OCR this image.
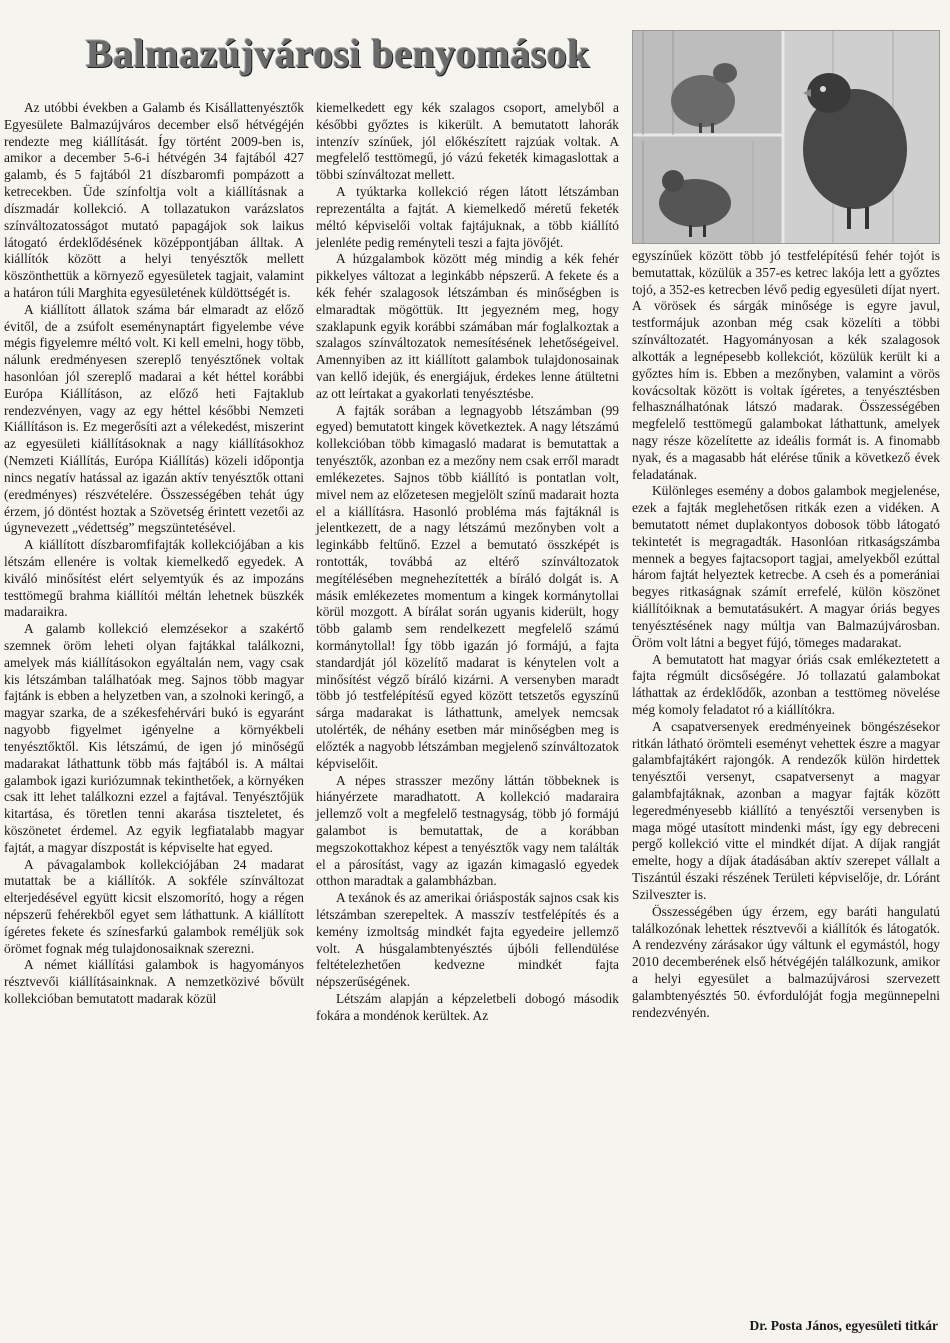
Balmazújvárosi benyomások

Az utóbbi években a Galamb és Kisállattenyésztők Egyesülete Balmazújváros december első hétvégéjén rendezte meg kiállítását. Így történt 2009-ben is, amikor a december 5-6-i hétvégén 34 fajtából 427 galamb, és 5 fajtából 21 díszbaromfi pompázott a ketrecekben. Üde színfoltja volt a kiállításnak a díszmadár kollekció. A tollazatukon varázslatos színváltozatosságot mutató papagájok sok laikus látogató érdeklődésének középpontjában álltak. A kiállítók között a helyi tenyésztők mellett köszönthettük a környező egyesületek tagjait, valamint a határon túli Marghita egyesületének küldöttségét is.

A kiállított állatok száma bár elmaradt az előző évitől, de a zsúfolt eseménynaptárt figyelembe véve mégis figyelemre méltó volt. Ki kell emelni, hogy több, nálunk eredményesen szereplő tenyésztőnek voltak hasonlóan jól szereplő madarai a két héttel korábbi Európa Kiállításon, az előző heti Fajtaklub rendezvényen, vagy az egy héttel későbbi Nemzeti Kiállításon is. Ez megerősíti azt a vélekedést, miszerint az egyesületi kiállításoknak a nagy kiállításokhoz (Nemzeti Kiállítás, Európa Kiállítás) közeli időpontja nincs negatív hatással az igazán aktív tenyésztők ottani (eredményes) részvételére. Összességében tehát úgy érzem, jó döntést hoztak a Szövetség érintett vezetői az úgynevezett „védettség” megszüntetésével.

A kiállított díszbaromfifajták kollekciójában a kis létszám ellenére is voltak kiemelkedő egyedek. A kiváló minősítést elért selyemtyúk és az impozáns testtömegű brahma kiállítói méltán lehetnek büszkék madaraikra.

A galamb kollekció elemzésekor a szakértő szemnek öröm leheti olyan fajtákkal találkozni, amelyek más kiállításokon egyáltalán nem, vagy csak kis létszámban találhatóak meg. Sajnos több magyar fajtánk is ebben a helyzetben van, a szolnoki keringő, a magyar szarka, de a székesfehérvári bukó is egyaránt nagyobb figyelmet igényelne a környékbeli tenyésztőktől. Kis létszámú, de igen jó minőségű madarakat láthattunk több más fajtából is. A máltai galambok igazi kuriózumnak tekinthetőek, a környéken csak itt lehet találkozni ezzel a fajtával. Tenyésztőjük kitartása, és töretlen tenni akarása tiszteletet, és köszönetet érdemel. Az egyik legfiatalabb magyar fajtát, a magyar díszpostát is képviselte hat egyed.

A pávagalambok kollekciójában 24 madarat mutattak be a kiállítók. A sokféle színváltozat elterjedésével együtt kicsit elszomorító, hogy a régen népszerű fehérekből egyet sem láthattunk. A kiállított ígéretes fekete és színesfarkú galambok reméljük sok örömet fognak még tulajdonosaiknak szerezni.

A német kiállítási galambok is hagyományos résztvevői kiállításainknak. A nemzetközivé bővült kollekcióban bemutatott madarak közül

kiemelkedett egy kék szalagos csoport, amelyből a későbbi győztes is kikerült. A bemutatott lahorák intenzív színűek, jól előkészített rajzúak voltak. A megfelelő testtömegű, jó vázú feketék kimagaslottak a többi színváltozat mellett.

A tyúktarka kollekció régen látott létszámban reprezentálta a fajtát. A kiemelkedő méretű feketék méltó képviselői voltak fajtájuknak, a több kiállító jelenléte pedig reményteli teszi a fajta jövőjét.

A húzgalambok között még mindig a kék fehér pikkelyes változat a leginkább népszerű. A fekete és a kék fehér szalagosok létszámban és minőségben is elmaradtak mögöttük. Itt jegyezném meg, hogy szaklapunk egyik korábbi számában már foglalkoztak a szalagos színváltozatok nemesítésének lehetőségeivel. Amennyiben az itt kiállított galambok tulajdonosainak van kellő idejük, és energiájuk, érdekes lenne átültetni az ott leírtakat a gyakorlati tenyésztésbe.

A fajták sorában a legnagyobb létszámban (99 egyed) bemutatott kingek következtek. A nagy létszámú kollekcióban több kimagasló madarat is bemutattak a tenyésztők, azonban ez a mezőny nem csak erről maradt emlékezetes. Sajnos több kiállító is pontatlan volt, mivel nem az előzetesen megjelölt színű madarait hozta el a kiállításra. Hasonló probléma más fajtáknál is jelentkezett, de a nagy létszámú mezőnyben volt a leginkább feltűnő. Ezzel a bemutató összképét is rontották, továbbá az eltérő színváltozatok megítélésében megnehezítették a bíráló dolgát is. A másik emlékezetes momentum a kingek kormánytollai körül mozgott. A bírálat során ugyanis kiderült, hogy több galamb sem rendelkezett megfelelő számú kormánytollal! Így több igazán jó formájú, a fajta standardját jól közelítő madarat is kénytelen volt a minősítést végző bíráló kizárni. A versenyben maradt több jó testfelépítésű egyed között tetszetős egyszínű sárga madarakat is láthattunk, amelyek nemcsak utolérték, de néhány esetben már minőségben meg is előzték a nagyobb létszámban megjelenő színváltozatok képviselőit.

A népes strasszer mezőny láttán többeknek is hiányérzete maradhatott. A kollekció madaraira jellemző volt a megfelelő testnagyság, több jó formájú galambot is bemutattak, de a korábban megszokottakhoz képest a tenyésztők vagy nem találták el a párosítást, vagy az igazán kimagasló egyedek otthon maradtak a galambházban.

A texánok és az amerikai óriásposták sajnos csak kis létszámban szerepeltek. A masszív testfelépítés és a kemény izmoltság mindkét fajta egyedeire jellemző volt. A húsgalambtenyésztés újbóli fellendülése feltételezhetően kedvezne mindkét fajta népszerűségének.

Létszám alapján a képzeletbeli dobogó második fokára a mondénok kerültek. Az

egyszínűek között több jó testfelépítésű fehér tojót is bemutattak, közülük a 357-es ketrec lakója lett a győztes tojó, a 352-es ketrecben lévő pedig egyesületi díjat nyert. A vörösek és sárgák minősége is egyre javul, testformájuk azonban még csak közelíti a többi színváltozatét. Hagyományosan a kék szalagosok alkották a legnépesebb kollekciót, közülük került ki a győztes hím is. Ebben a mezőnyben, valamint a vörös kovácsoltak között is voltak ígéretes, a tenyésztésben felhasználhatónak látszó madarak. Összességében megfelelő testtömegű galambokat láthattunk, amelyek nagy része közelítette az ideális formát is. A finomabb nyak, és a magasabb hát elérése tűnik a következő évek feladatának.

Különleges esemény a dobos galambok megjelenése, ezek a fajták meglehetősen ritkák ezen a vidéken. A bemutatott német duplakontyos dobosok több látogató tekintetét is megragadták. Hasonlóan ritkaságszámba mennek a begyes fajtacsoport tagjai, amelyekből ezúttal három fajtát helyeztek ketrecbe. A cseh és a pomerániai begyes ritkaságnak számít errefelé, külön köszönet kiállítóiknak a bemutatásukért. A magyar óriás begyes tenyésztésének nagy múltja van Balmazújvárosban. Öröm volt látni a begyet fújó, tömeges madarakat.

A bemutatott hat magyar óriás csak emlékeztetett a fajta régmúlt dicsőségére. Jó tollazatú galambokat láthattak az érdeklődők, azonban a testtömeg növelése még komoly feladatot ró a kiállítókra.

A csapatversenyek eredményeinek böngészésekor ritkán látható örömteli eseményt vehettek észre a magyar galambfajtákért rajongók. A rendezők külön hirdettek tenyésztői versenyt, csapatversenyt a magyar galambfajtáknak, azonban a magyar fajták között legeredményesebb kiállító a tenyésztői versenyben is maga mögé utasított mindenki mást, így egy debreceni pergő kollekció vitte el mindkét díjat. A díjak rangját emelte, hogy a díjak átadásában aktív szerepet vállalt a Tiszántúl északi részének Területi képviselője, dr. Lóránt Szilveszter is.

Összességében úgy érzem, egy baráti hangulatú találkozónak lehettek résztvevői a kiállítók és látogatók. A rendezvény zárásakor úgy váltunk el egymástól, hogy 2010 decemberének első hétvégéjén találkozunk, amikor a helyi egyesület a balmazújvárosi szervezett galambtenyésztés 50. évfordulóját fogja megünnepelni rendezvényén.

Dr. Posta János, egyesületi titkár
